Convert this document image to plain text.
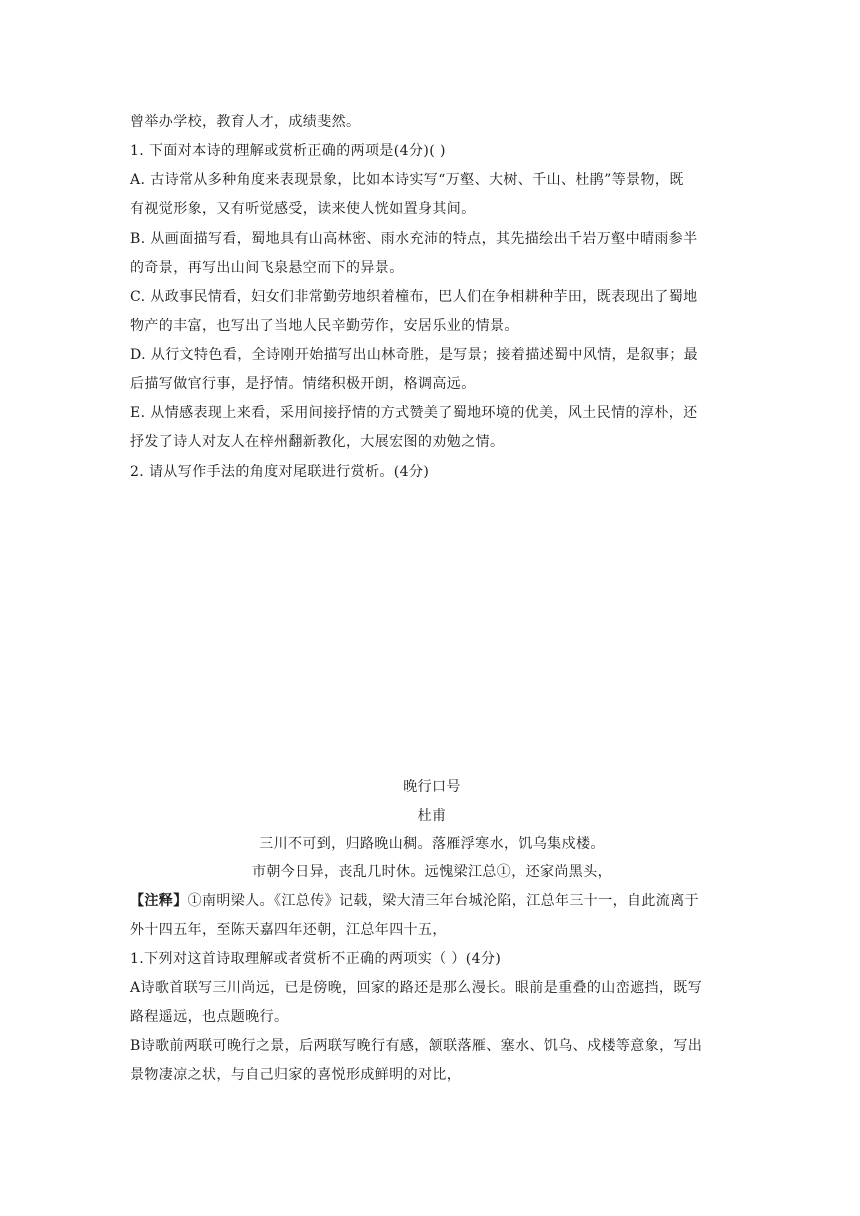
曾举办学校，教育人才，成绩斐然。
1. 下面对本诗的理解或赏析正确的两项是(4分)( )
A. 古诗常从多种角度来表现景象，比如本诗实写“万壑、大树、千山、杜鹃”等景物，既
有视觉形象，又有听觉感受，读来使人恍如置身其间。
B. 从画面描写看，蜀地具有山高林密、雨水充沛的特点，其先描绘出千岩万壑中晴雨参半
的奇景，再写出山间飞泉悬空而下的异景。
C. 从政事民情看，妇女们非常勤劳地织着橦布，巴人们在争相耕种芋田，既表现出了蜀地
物产的丰富，也写出了当地人民辛勤劳作，安居乐业的情景。
D. 从行文特色看，全诗刚开始描写出山林奇胜，是写景；接着描述蜀中风情，是叙事；最
后描写做官行事，是抒情。情绪积极开朗，格调高远。
E. 从情感表现上来看，采用间接抒情的方式赞美了蜀地环境的优美，风土民情的淳朴，还
抒发了诗人对友人在梓州翻新教化，大展宏图的劝勉之情。
2. 请从写作手法的角度对尾联进行赏析。(4分)
晚行口号
杜甫
三川不可到，归路晚山稠。落雁浮寒水，饥乌集戍楼。
市朝今日异，丧乱几时休。远愧梁江总①，还家尚黑头，
【注释】①南明梁人。《江总传》记载，梁大清三年台城沦陷，江总年三十一，自此流离于
外十四五年，至陈天嘉四年还朝，江总年四十五，
1.下列对这首诗取理解或者赏析不正确的两项实（ ）(4分)
A诗歌首联写三川尚远，已是傍晚，回家的路还是那么漫长。眼前是重叠的山峦遮挡，既写
路程遥远，也点题晚行。
B诗歌前两联可晚行之景，后两联写晚行有感，颔联落雁、塞水、饥乌、戍楼等意象，写出
景物凄凉之状，与自己归家的喜悦形成鲜明的对比，
